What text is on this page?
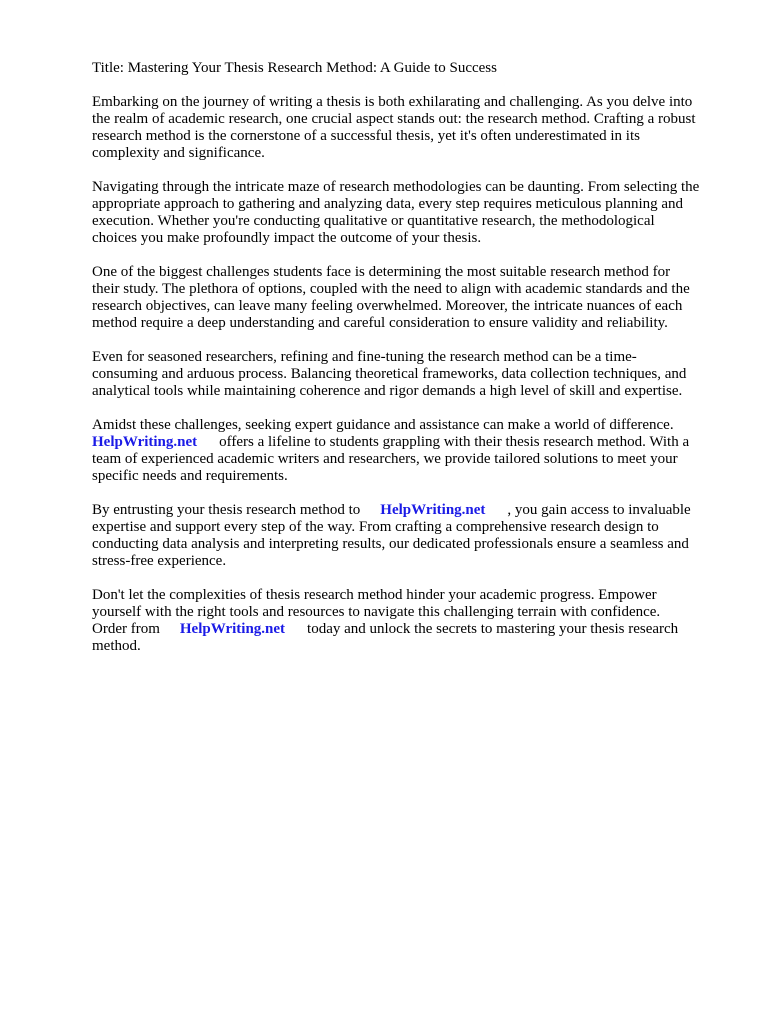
Title: Mastering Your Thesis Research Method: A Guide to Success
Embarking on the journey of writing a thesis is both exhilarating and challenging. As you delve into
the realm of academic research, one crucial aspect stands out: the research method. Crafting a robust
research method is the cornerstone of a successful thesis, yet it's often underestimated in its
complexity and significance.
Navigating through the intricate maze of research methodologies can be daunting. From selecting the
appropriate approach to gathering and analyzing data, every step requires meticulous planning and
execution. Whether you're conducting qualitative or quantitative research, the methodological
choices you make profoundly impact the outcome of your thesis.
One of the biggest challenges students face is determining the most suitable research method for
their study. The plethora of options, coupled with the need to align with academic standards and the
research objectives, can leave many feeling overwhelmed. Moreover, the intricate nuances of each
method require a deep understanding and careful consideration to ensure validity and reliability.
Even for seasoned researchers, refining and fine-tuning the research method can be a time-
consuming and arduous process. Balancing theoretical frameworks, data collection techniques, and
analytical tools while maintaining coherence and rigor demands a high level of skill and expertise.
Amidst these challenges, seeking expert guidance and assistance can make a world of difference.
HelpWriting.net offers a lifeline to students grappling with their thesis research method. With a
team of experienced academic writers and researchers, we provide tailored solutions to meet your
specific needs and requirements.
By entrusting your thesis research method to HelpWriting.net , you gain access to invaluable
expertise and support every step of the way. From crafting a comprehensive research design to
conducting data analysis and interpreting results, our dedicated professionals ensure a seamless and
stress-free experience.
Don't let the complexities of thesis research method hinder your academic progress. Empower
yourself with the right tools and resources to navigate this challenging terrain with confidence.
Order from HelpWriting.net today and unlock the secrets to mastering your thesis research
method.
